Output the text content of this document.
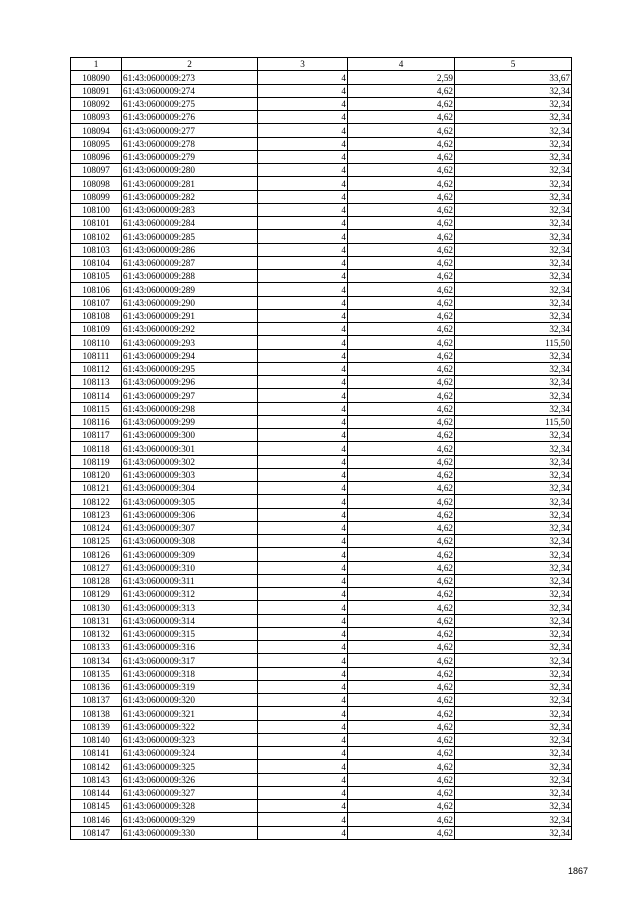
1	2	3	4	5
108090	61:43:0600009:273	4	2,59	33,67
108091	61:43:0600009:274	4	4,62	32,34
108092	61:43:0600009:275	4	4,62	32,34
108093	61:43:0600009:276	4	4,62	32,34
108094	61:43:0600009:277	4	4,62	32,34
108095	61:43:0600009:278	4	4,62	32,34
108096	61:43:0600009:279	4	4,62	32,34
108097	61:43:0600009:280	4	4,62	32,34
108098	61:43:0600009:281	4	4,62	32,34
108099	61:43:0600009:282	4	4,62	32,34
108100	61:43:0600009:283	4	4,62	32,34
108101	61:43:0600009:284	4	4,62	32,34
108102	61:43:0600009:285	4	4,62	32,34
108103	61:43:0600009:286	4	4,62	32,34
108104	61:43:0600009:287	4	4,62	32,34
108105	61:43:0600009:288	4	4,62	32,34
108106	61:43:0600009:289	4	4,62	32,34
108107	61:43:0600009:290	4	4,62	32,34
108108	61:43:0600009:291	4	4,62	32,34
108109	61:43:0600009:292	4	4,62	32,34
108110	61:43:0600009:293	4	4,62	115,50
108111	61:43:0600009:294	4	4,62	32,34
108112	61:43:0600009:295	4	4,62	32,34
108113	61:43:0600009:296	4	4,62	32,34
108114	61:43:0600009:297	4	4,62	32,34
108115	61:43:0600009:298	4	4,62	32,34
108116	61:43:0600009:299	4	4,62	115,50
108117	61:43:0600009:300	4	4,62	32,34
108118	61:43:0600009:301	4	4,62	32,34
108119	61:43:0600009:302	4	4,62	32,34
108120	61:43:0600009:303	4	4,62	32,34
108121	61:43:0600009:304	4	4,62	32,34
108122	61:43:0600009:305	4	4,62	32,34
108123	61:43:0600009:306	4	4,62	32,34
108124	61:43:0600009:307	4	4,62	32,34
108125	61:43:0600009:308	4	4,62	32,34
108126	61:43:0600009:309	4	4,62	32,34
108127	61:43:0600009:310	4	4,62	32,34
108128	61:43:0600009:311	4	4,62	32,34
108129	61:43:0600009:312	4	4,62	32,34
108130	61:43:0600009:313	4	4,62	32,34
108131	61:43:0600009:314	4	4,62	32,34
108132	61:43:0600009:315	4	4,62	32,34
108133	61:43:0600009:316	4	4,62	32,34
108134	61:43:0600009:317	4	4,62	32,34
108135	61:43:0600009:318	4	4,62	32,34
108136	61:43:0600009:319	4	4,62	32,34
108137	61:43:0600009:320	4	4,62	32,34
108138	61:43:0600009:321	4	4,62	32,34
108139	61:43:0600009:322	4	4,62	32,34
108140	61:43:0600009:323	4	4,62	32,34
108141	61:43:0600009:324	4	4,62	32,34
108142	61:43:0600009:325	4	4,62	32,34
108143	61:43:0600009:326	4	4,62	32,34
108144	61:43:0600009:327	4	4,62	32,34
108145	61:43:0600009:328	4	4,62	32,34
108146	61:43:0600009:329	4	4,62	32,34
108147	61:43:0600009:330	4	4,62	32,34
1867
